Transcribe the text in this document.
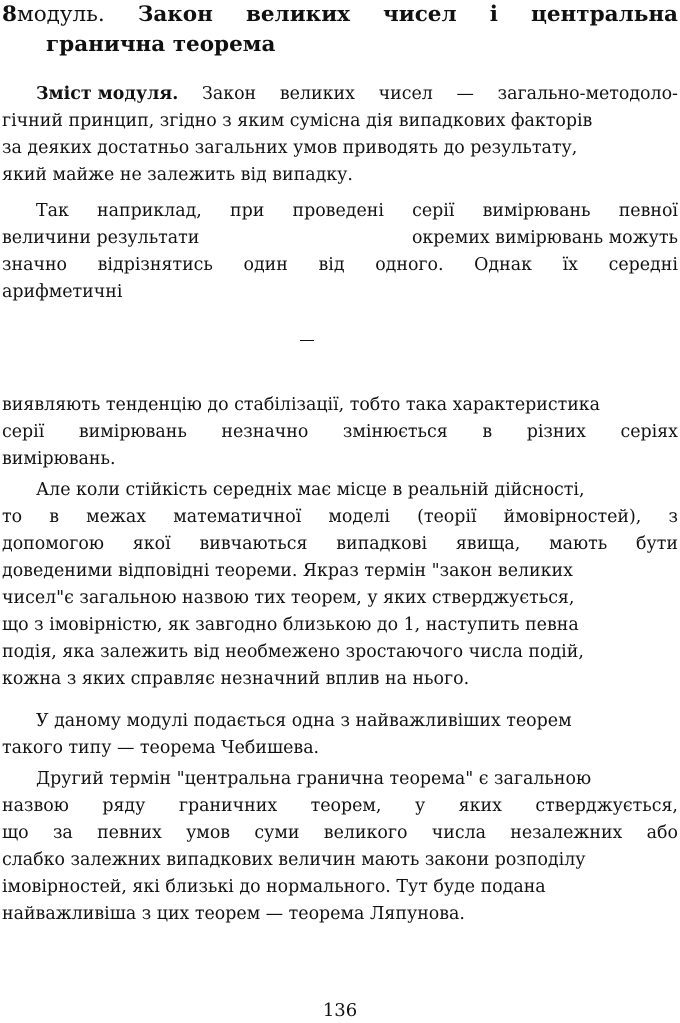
8модуль. Закон великих чисел і центральна
гранична теорема
Зміст модуля. Закон великих чисел — загально-методоло-
гічний принцип, згідно з яким сумісна дія випадкових факторів
за деяких достатньо загальних умов приводять до результату,
який майже не залежить від випадку.
Так наприклад, при проведені серії вимірювань певної
величини результати	окремих вимірювань можуть
значно відрізнятись один від одного. Однак їх середні
арифметичні
виявляють тенденцію до стабілізації, тобто така характеристика
серії вимірювань незначно змінюється в різних серіях
вимірювань.
Але коли стійкість середніх має місце в реальній дійсності,
то в межах математичної моделі (теорії ймовірностей), з
допомогою якої вивчаються випадкові явища, мають бути
доведеними відповідні теореми. Якраз термін "закон великих
чисел"є загальною назвою тих теорем, у яких стверджується,
що з імовірністю, як завгодно близькою до 1, наступить певна
подія, яка залежить від необмежено зростаючого числа подій,
кожна з яких справляє незначний вплив на нього.
У даному модулі подається одна з найважливіших теорем
такого типу — теорема Чебишева.
Другий термін "центральна гранична теорема" є загальною
назвою ряду граничних теорем, у яких стверджується,
що за певних умов суми великого числа незалежних або
слабко залежних випадкових величин мають закони розподілу
імовірностей, які близькі до нормального. Тут буде подана
найважливіша з цих теорем — теорема Ляпунова.
136
